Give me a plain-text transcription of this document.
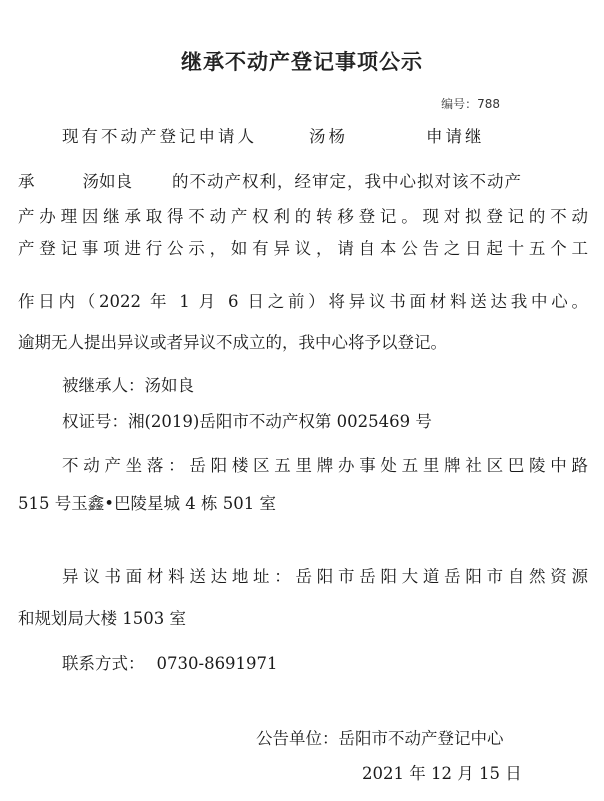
继承不动产登记事项公示
编号：788
现有不动产登记申请人	汤杨	申请继
承	汤如良 的不动产权利，经审定，我中心拟对该不动产
产办理因继承取得不动产权利的转移登记。现对拟登记的不动
产登记事项进行公示，如有异议，请自本公告之日起十五个工
作日内（2022 年 1 月 6 日之前）将异议书面材料送达我中心。
逾期无人提出异议或者异议不成立的，我中心将予以登记。
被继承人：汤如良
权证号：湘(2019)岳阳市不动产权第 0025469 号
不动产坐落：岳阳楼区五里牌办事处五里牌社区巴陵中路
515 号玉鑫•巴陵星城 4 栋 501 室
异议书面材料送达地址：岳阳市岳阳大道岳阳市自然资源
和规划局大楼 1503 室
联系方式： 0730-8691971
公告单位：岳阳市不动产登记中心
2021 年 12 月 15 日
